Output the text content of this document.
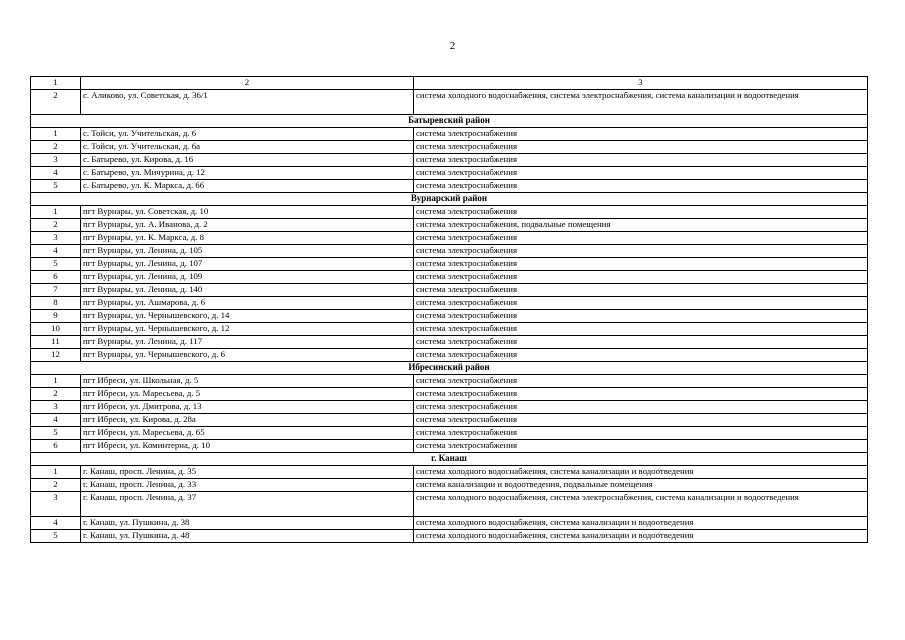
2
1	2	3
2	с. Аликово, ул. Советская, д. 36/1	система холодного водоснабжения, система электроснабжения, система канализации и водоотведения
Батыревский район		
1	с. Тойси, ул. Учительская, д. 6	система электроснабжения
2	с. Тойси, ул. Учительская, д. 6а	система электроснабжения
3	с. Батырево, ул. Кирова, д. 16	система электроснабжения
4	с. Батырево, ул. Мичурина, д. 12	система электроснабжения
5	с. Батырево, ул. К. Маркса, д. 66	система электроснабжения
Вурнарский район		
1	пгт Вурнары, ул. Советская, д. 10	система электроснабжения
2	пгт Вурнары, ул. А. Иванова, д. 2	система электроснабжения, подвальные помещения
3	пгт Вурнары, ул. К. Маркса, д. 8	система электроснабжения
4	пгт Вурнары, ул. Ленина, д. 105	система электроснабжения
5	пгт Вурнары, ул. Ленина, д. 107	система электроснабжения
6	пгт Вурнары, ул. Ленина, д. 109	система электроснабжения
7	пгт Вурнары, ул. Ленина, д. 140	система электроснабжения
8	пгт Вурнары, ул. Ашмарова, д. 6	система электроснабжения
9	пгт Вурнары, ул. Чернышевского, д. 14	система электроснабжения
10	пгт Вурнары, ул. Чернышевского, д. 12	система электроснабжения
11	пгт Вурнары, ул. Ленина, д. 117	система электроснабжения
12	пгт Вурнары, ул. Чернышевского, д. 6	система электроснабжения
Ибресинский район		
1	пгт Ибреси, ул. Школьная, д. 5	система электроснабжения
2	пгт Ибреси, ул. Маресьева, д. 5	система электроснабжения
3	пгт Ибреси, ул. Дмитрова, д. 13	система электроснабжения
4	пгт Ибреси, ул. Кирова, д. 28а	система электроснабжения
5	пгт Ибреси, ул. Маресьева, д. 65	система электроснабжения
6	пгт Ибреси, ул. Коминтерна, д. 10	система электроснабжения
г. Канаш		
1	г. Канаш, просп. Ленина, д. 35	система холодного водоснабжения, система канализации и водоотведения
2	г. Канаш, просп. Ленина, д. 33	система канализации и водоотведения, подвальные помещения
3	г. Канаш, просп. Ленина, д. 37	система холодного водоснабжения, система электроснабжения, система канализации и водоотведения
4	г. Канаш, ул. Пушкина, д. 38	система холодного водоснабжения, система канализации и водоотведения
5	г. Канаш, ул. Пушкина, д. 48	система холодного водоснабжения, система канализации и водоотведения
